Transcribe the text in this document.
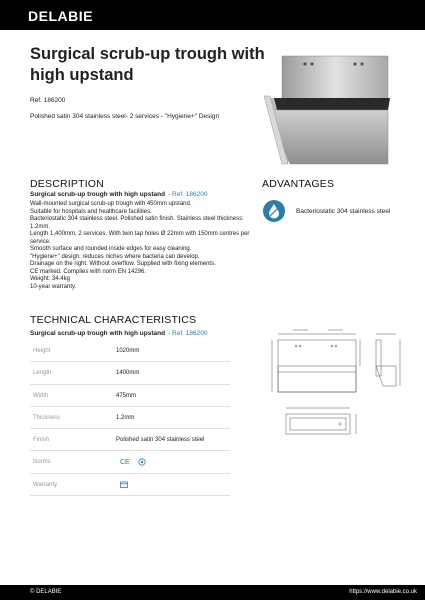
DELABIE
Surgical scrub-up trough with high upstand
Ref. 186200
Polished satin 304 stainless steel- 2 services - "Hygiene+" Design
DESCRIPTION
Surgical scrub-up trough with high upstand - Ref. 186200
Wall-mounted surgical scrub-up trough with 450mm upstand.
Suitable for hospitals and healthcare facilities.
Bacteriostatic 304 stainless steel. Polished satin finish. Stainless steel thickness: 1.2mm.
Length 1,400mm, 2 services. With twin tap holes Ø 22mm with 150mm centres per service.
Smooth surface and rounded inside edges for easy cleaning.
"Hygiene+" design: reduces niches where bacteria can develop.
Drainage on the right. Without overflow. Supplied with fixing elements.
CE marked. Complies with norm EN 14296.
Weight: 34.4kg
10-year warranty.
ADVANTAGES
Bacteriostatic 304 stainless steel
TECHNICAL CHARACTERISTICS
Surgical scrub-up trough with high upstand - Ref. 186200
Height	1020mm
Length	1400mm
Width	475mm
Thickness	1.2mm
Finish	Polished satin 304 stainless steel
Norms	CE
Warranty
© DELABIE	https://www.delabie.co.uk
